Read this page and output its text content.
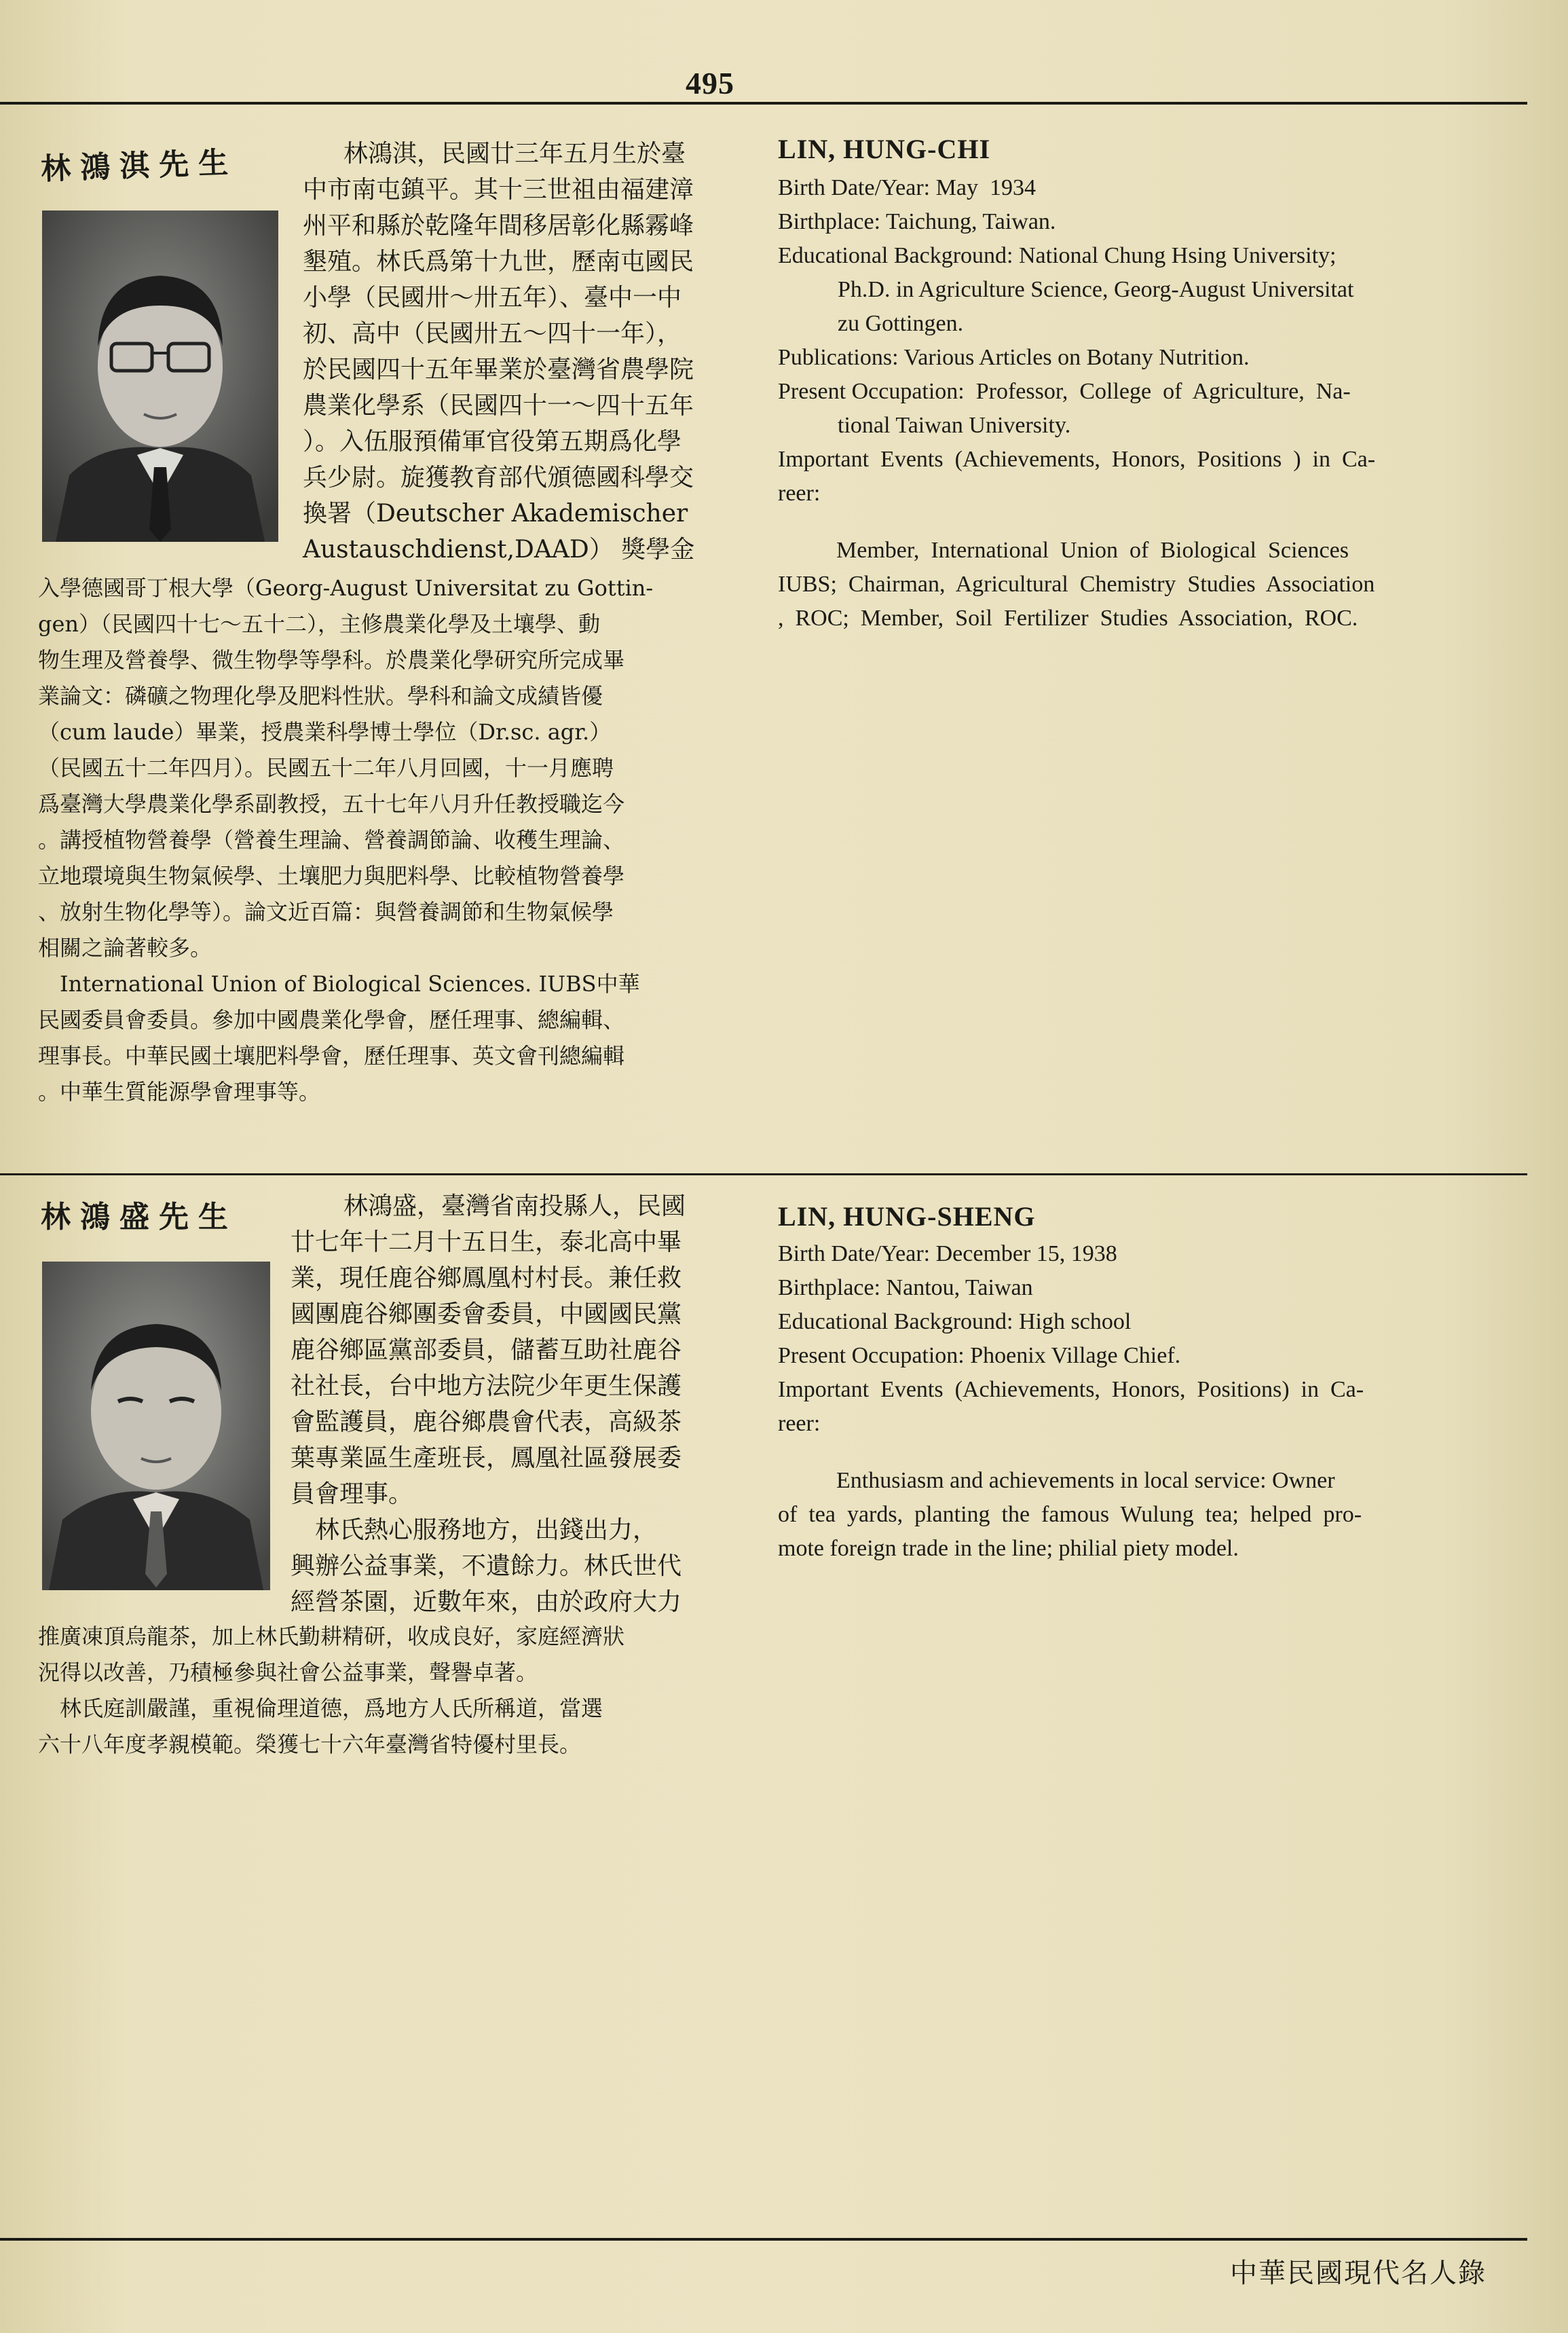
495
林鴻淇先生	林鴻淇，民國廿三年五月生於臺
中市南屯鎮平。其十三世祖由福建漳
州平和縣於乾隆年間移居彰化縣霧峰
墾殖。林氏爲第十九世，歷南屯國民
小學（民國卅～卅五年）、臺中一中
初、高中（民國卅五～四十一年），
於民國四十五年畢業於臺灣省農學院
農業化學系（民國四十一～四十五年
）。入伍服預備軍官役第五期爲化學
兵少尉。旋獲教育部代頒德國科學交
換署（Deutscher Akademischer
Austauschdienst,DAAD） 獎學金
入學德國哥丁根大學（Georg-August Universitat zu Gottin-
gen）（民國四十七～五十二），主修農業化學及土壤學、動
物生理及營養學、微生物學等學科。於農業化學研究所完成畢
業論文：磷礦之物理化學及肥料性狀。學科和論文成績皆優
（cum laude）畢業，授農業科學博士學位（Dr.sc. agr.）
（民國五十二年四月）。民國五十二年八月回國，十一月應聘
爲臺灣大學農業化學系副教授，五十七年八月升任教授職迄今
。講授植物營養學（營養生理論、營養調節論、收穫生理論、
立地環境與生物氣候學、土壤肥力與肥料學、比較植物營養學
、放射生物化學等）。論文近百篇：與營養調節和生物氣候學
相關之論著較多。
　International Union of Biological Sciences. IUBS中華
民國委員會委員。參加中國農業化學會，歷任理事、總編輯、
理事長。中華民國土壤肥料學會，歷任理事、英文會刊總編輯
。中華生質能源學會理事等。
LIN, HUNG-CHI
Birth Date/Year: May  1934
Birthplace: Taichung, Taiwan.
Educational Background: National Chung Hsing University;
Ph.D. in Agriculture Science, Georg-August Universitat
zu Gottingen.
Publications: Various Articles on Botany Nutrition.
Present Occupation:  Professor,  College  of  Agriculture,  Na-
tional Taiwan University.
Important  Events  (Achievements,  Honors,  Positions  )  in  Ca-
reer:
Member,  International  Union  of  Biological  Sciences
IUBS;  Chairman,  Agricultural  Chemistry  Studies  Association
,  ROC;  Member,  Soil  Fertilizer  Studies  Association,  ROC.
林鴻盛先生	林鴻盛，臺灣省南投縣人，民國
廿七年十二月十五日生，泰北高中畢
業，現任鹿谷鄉鳳凰村村長。兼任救
國團鹿谷鄉團委會委員，中國國民黨
鹿谷鄉區黨部委員，儲蓄互助社鹿谷
社社長，台中地方法院少年更生保護
會監護員，鹿谷鄉農會代表，高級茶
葉專業區生產班長，鳳凰社區發展委
員會理事。
　林氏熱心服務地方，出錢出力，
興辦公益事業，不遺餘力。林氏世代
經營茶園，近數年來，由於政府大力
推廣凍頂烏龍茶，加上林氏勤耕精研，收成良好，家庭經濟狀
況得以改善，乃積極參與社會公益事業，聲譽卓著。
　林氏庭訓嚴謹，重視倫理道德，爲地方人氏所稱道，當選
六十八年度孝親模範。榮獲七十六年臺灣省特優村里長。
LIN, HUNG-SHENG
Birth Date/Year: December 15, 1938
Birthplace: Nantou, Taiwan
Educational Background: High school
Present Occupation: Phoenix Village Chief.
Important  Events  (Achievements,  Honors,  Positions)  in  Ca-
reer:
Enthusiasm and achievements in local service: Owner
of  tea  yards,  planting  the  famous  Wulung  tea;  helped  pro-
mote foreign trade in the line; philial piety model.
中華民國現代名人錄
